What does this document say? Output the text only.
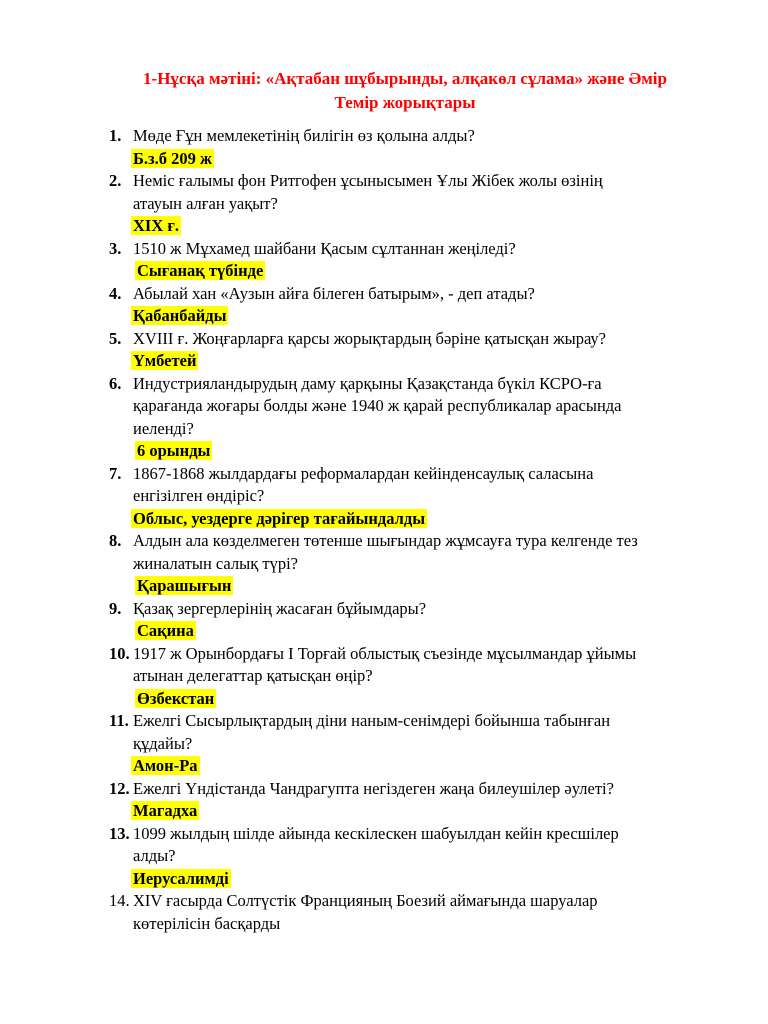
1-Нұсқа мәтіні: «Ақтабан шұбырынды, алқакөл сұлама» және Әмір
Темір жорықтары
1. Мөде Ғұн мемлекетінің билігін өз қолына алды?
Б.з.б 209 ж
2. Неміс ғалымы фон Ритгофен ұсынысымен Ұлы Жібек жолы өзінің
атауын алған уақыт?
ХІХ ғ.
3. 1510 ж Мұхамед шайбани Қасым сұлтаннан жеңіледі?
Сығанақ түбінде
4. Абылай хан «Аузын айға білеген батырым», - деп атады?
Қабанбайды
5. XVIII ғ. Жоңғарларға қарсы жорықтардың бәріне қатысқан жырау?
Үмбетей
6. Индустрияландырудың даму қарқыны Қазақстанда бүкіл КСРО-ға
қарағанда жоғары болды және 1940 ж қарай республикалар арасында
иеленді?
6 орынды
7. 1867-1868 жылдардағы реформалардан кейінденсаулық саласына
енгізілген өндіріс?
Облыс, уездерге дәрігер тағайындалды
8. Алдын ала көзделмеген төтенше шығындар жұмсауға тура келгенде тез
жиналатын салық түрі?
Қарашығын
9. Қазақ зергерлерінің жасаған бұйымдары?
Сақина
10. 1917 ж Орынбордағы І Торғай облыстық съезінде мұсылмандар ұйымы
атынан делегаттар қатысқан өңір?
Өзбекстан
11. Ежелгі Сысырлықтардың діни наным-сенімдері бойынша табынған
құдайы?
Амон-Ра
12. Ежелгі Үндістанда Чандрагупта негіздеген жаңа билеушілер әулеті?
Магадха
13. 1099 жылдың шілде айында кескілескен шабуылдан кейін кресшілер
алды?
Иерусалимді
14. XIV ғасырда Солтүстік Францияның Боезий аймағында шаруалар
көтерілісін басқарды
